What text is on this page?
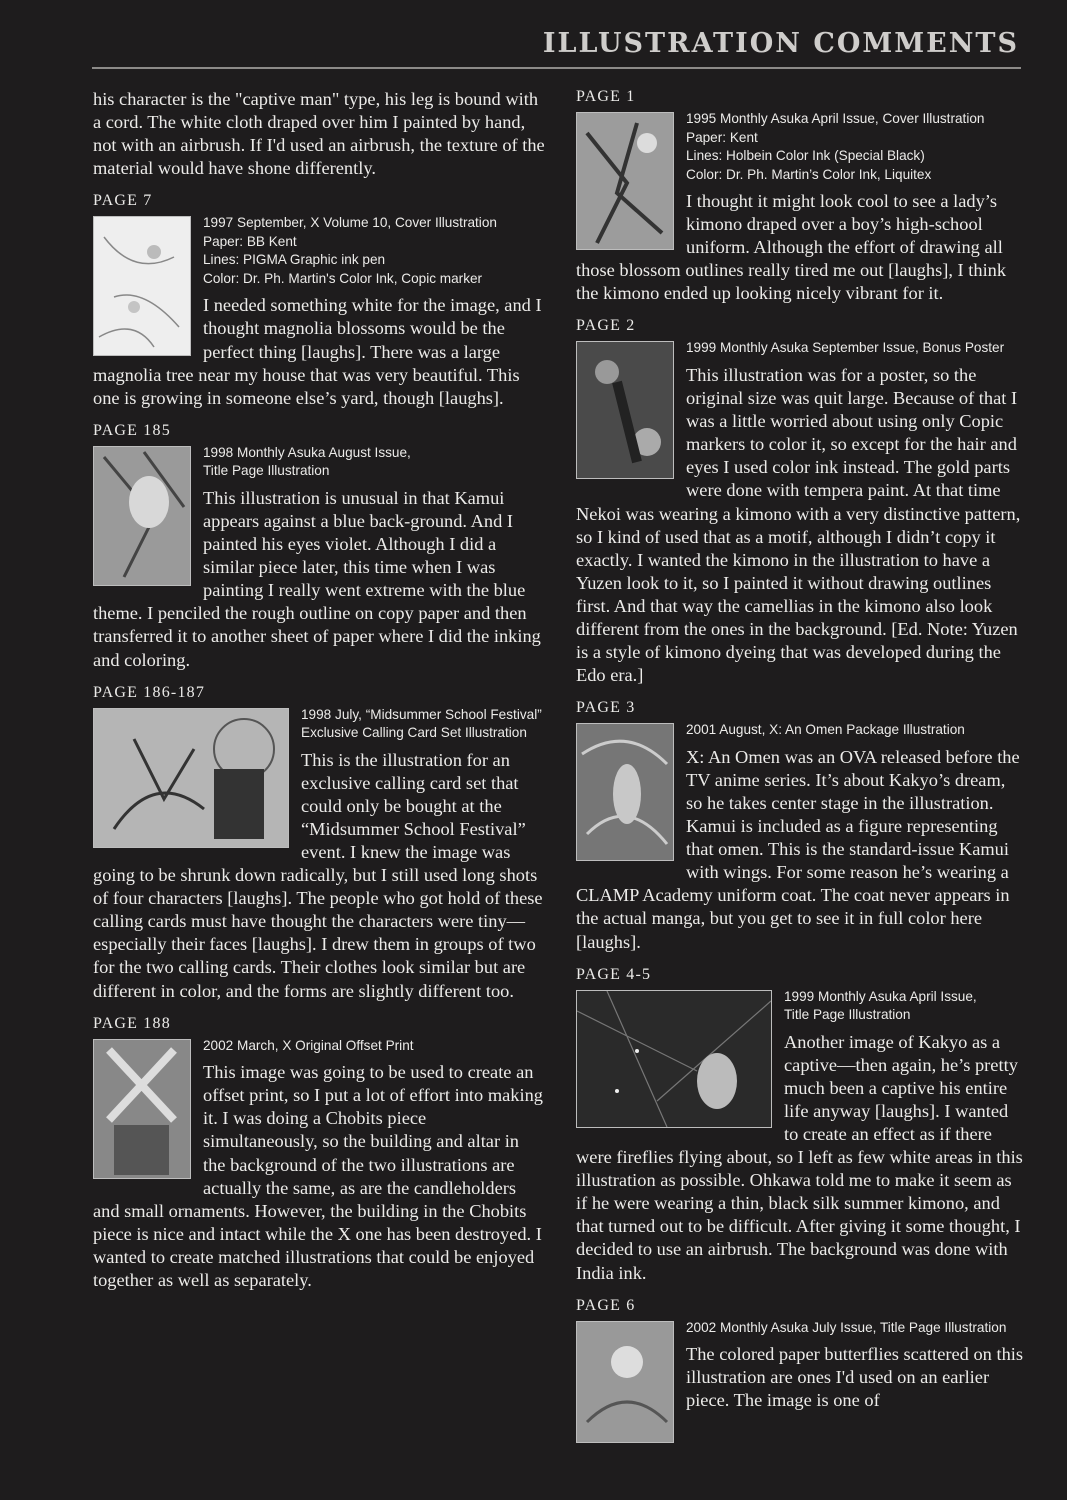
ILLUSTRATION COMMENTS

his character is the "captive man" type, his leg is bound with a cord. The white cloth draped over him I painted by hand, not with an airbrush. If I'd used an airbrush, the texture of the material would have shone differently.

PAGE 7
1997 September, X Volume 10, Cover Illustration
Paper: BB Kent
Lines: PIGMA Graphic ink pen
Color: Dr. Ph. Martin's Color Ink, Copic marker

I needed something white for the image, and I thought magnolia blossoms would be the perfect thing [laughs]. There was a large magnolia tree near my house that was very beautiful. This one is growing in someone else’s yard, though [laughs].

PAGE 185
1998 Monthly Asuka August Issue,
Title Page Illustration

This illustration is unusual in that Kamui appears against a blue back-ground. And I painted his eyes violet. Although I did a similar piece later, this time when I was painting I really went extreme with the blue theme. I penciled the rough outline on copy paper and then transferred it to another sheet of paper where I did the inking and coloring.

PAGE 186-187
1998 July, “Midsummer School Festival”
Exclusive Calling Card Set Illustration

This is the illustration for an exclusive calling card set that could only be bought at the “Midsummer School Festival” event. I knew the image was going to be shrunk down radically, but I still used long shots of four characters [laughs]. The people who got hold of these calling cards must have thought the characters were tiny—especially their faces [laughs]. I drew them in groups of two for the two calling cards. Their clothes look similar but are different in color, and the forms are slightly different too.

PAGE 188
2002 March, X Original Offset Print

This image was going to be used to create an offset print, so I put a lot of effort into making it. I was doing a Chobits piece simultaneously, so the building and altar in the background of the two illustrations are actually the same, as are the candleholders and small ornaments. However, the building in the Chobits piece is nice and intact while the X one has been destroyed. I wanted to create matched illustrations that could be enjoyed together as well as separately.

PAGE 1
1995 Monthly Asuka April Issue, Cover Illustration
Paper: Kent
Lines: Holbein Color Ink (Special Black)
Color: Dr. Ph. Martin’s Color Ink, Liquitex

I thought it might look cool to see a lady’s kimono draped over a boy’s high-school uniform. Although the effort of drawing all those blossom outlines really tired me out [laughs], I think the kimono ended up looking nicely vibrant for it.

PAGE 2
1999 Monthly Asuka September Issue, Bonus Poster

This illustration was for a poster, so the original size was quit large. Because of that I was a little worried about using only Copic markers to color it, so except for the hair and eyes I used color ink instead. The gold parts were done with tempera paint. At that time Nekoi was wearing a kimono with a very distinctive pattern, so I kind of used that as a motif, although I didn’t copy it exactly. I wanted the kimono in the illustration to have a Yuzen look to it, so I painted it without drawing outlines first. And that way the camellias in the kimono also look different from the ones in the background. [Ed. Note: Yuzen is a style of kimono dyeing that was developed during the Edo era.]

PAGE 3
2001 August, X: An Omen Package Illustration

X: An Omen was an OVA released before the TV anime series. It’s about Kakyo’s dream, so he takes center stage in the illustration. Kamui is included as a figure representing that omen. This is the standard-issue Kamui with wings. For some reason he’s wearing a CLAMP Academy uniform coat. The coat never appears in the actual manga, but you get to see it in full color here [laughs].

PAGE 4-5
1999 Monthly Asuka April Issue,
Title Page Illustration

Another image of Kakyo as a captive—then again, he’s pretty much been a captive his entire life anyway [laughs]. I wanted to create an effect as if there were fireflies flying about, so I left as few white areas in this illustration as possible. Ohkawa told me to make it seem as if he were wearing a thin, black silk summer kimono, and that turned out to be difficult. After giving it some thought, I decided to use an airbrush. The background was done with India ink.

PAGE 6
2002 Monthly Asuka July Issue, Title Page Illustration

The colored paper butterflies scattered on this illustration are ones I'd used on an earlier piece. The image is one of
